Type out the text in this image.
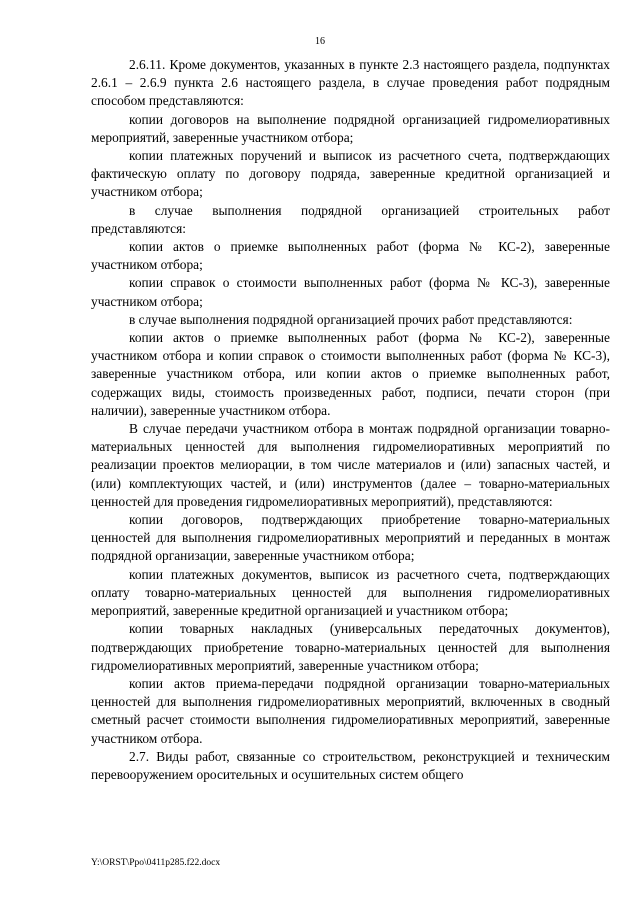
16

2.6.11. Кроме документов, указанных в пункте 2.3 настоящего раздела, подпунктах 2.6.1 – 2.6.9 пункта 2.6 настоящего раздела, в случае проведения работ подрядным способом представляются:

копии договоров на выполнение подрядной организацией гидромелиоративных мероприятий, заверенные участником отбора;

копии платежных поручений и выписок из расчетного счета, подтверждающих фактическую оплату по договору подряда, заверенные кредитной организацией и участником отбора;

в случае выполнения подрядной организацией строительных работ представляются:

копии актов о приемке выполненных работ (форма № КС-2), заверенные участником отбора;

копии справок о стоимости выполненных работ (форма № КС-3), заверенные участником отбора;

в случае выполнения подрядной организацией прочих работ представляются:

копии актов о приемке выполненных работ (форма № КС-2), заверенные участником отбора и копии справок о стоимости выполненных работ (форма № КС-3), заверенные участником отбора, или копии актов о приемке выполненных работ, содержащих виды, стоимость произведенных работ, подписи, печати сторон (при наличии), заверенные участником отбора.

В случае передачи участником отбора в монтаж подрядной организации товарно-материальных ценностей для выполнения гидромелиоративных мероприятий по реализации проектов мелиорации, в том числе материалов и (или) запасных частей, и (или) комплектующих частей, и (или) инструментов (далее – товарно-материальных ценностей для проведения гидромелиоративных мероприятий), представляются:

копии договоров, подтверждающих приобретение товарно-материальных ценностей для выполнения гидромелиоративных мероприятий и переданных в монтаж подрядной организации, заверенные участником отбора;

копии платежных документов, выписок из расчетного счета, подтверждающих оплату товарно-материальных ценностей для выполнения гидромелиоративных мероприятий, заверенные кредитной организацией и участником отбора;

копии товарных накладных (универсальных передаточных документов), подтверждающих приобретение товарно-материальных ценностей для выполнения гидромелиоративных мероприятий, заверенные участником отбора;

копии актов приема-передачи подрядной организации товарно-материальных ценностей для выполнения гидромелиоративных мероприятий, включенных в сводный сметный расчет стоимости выполнения гидромелиоративных мероприятий, заверенные участником отбора.

2.7. Виды работ, связанные со строительством, реконструкцией и техническим перевооружением оросительных и осушительных систем общего

Y:\ORST\Ppo\0411p285.f22.docx
